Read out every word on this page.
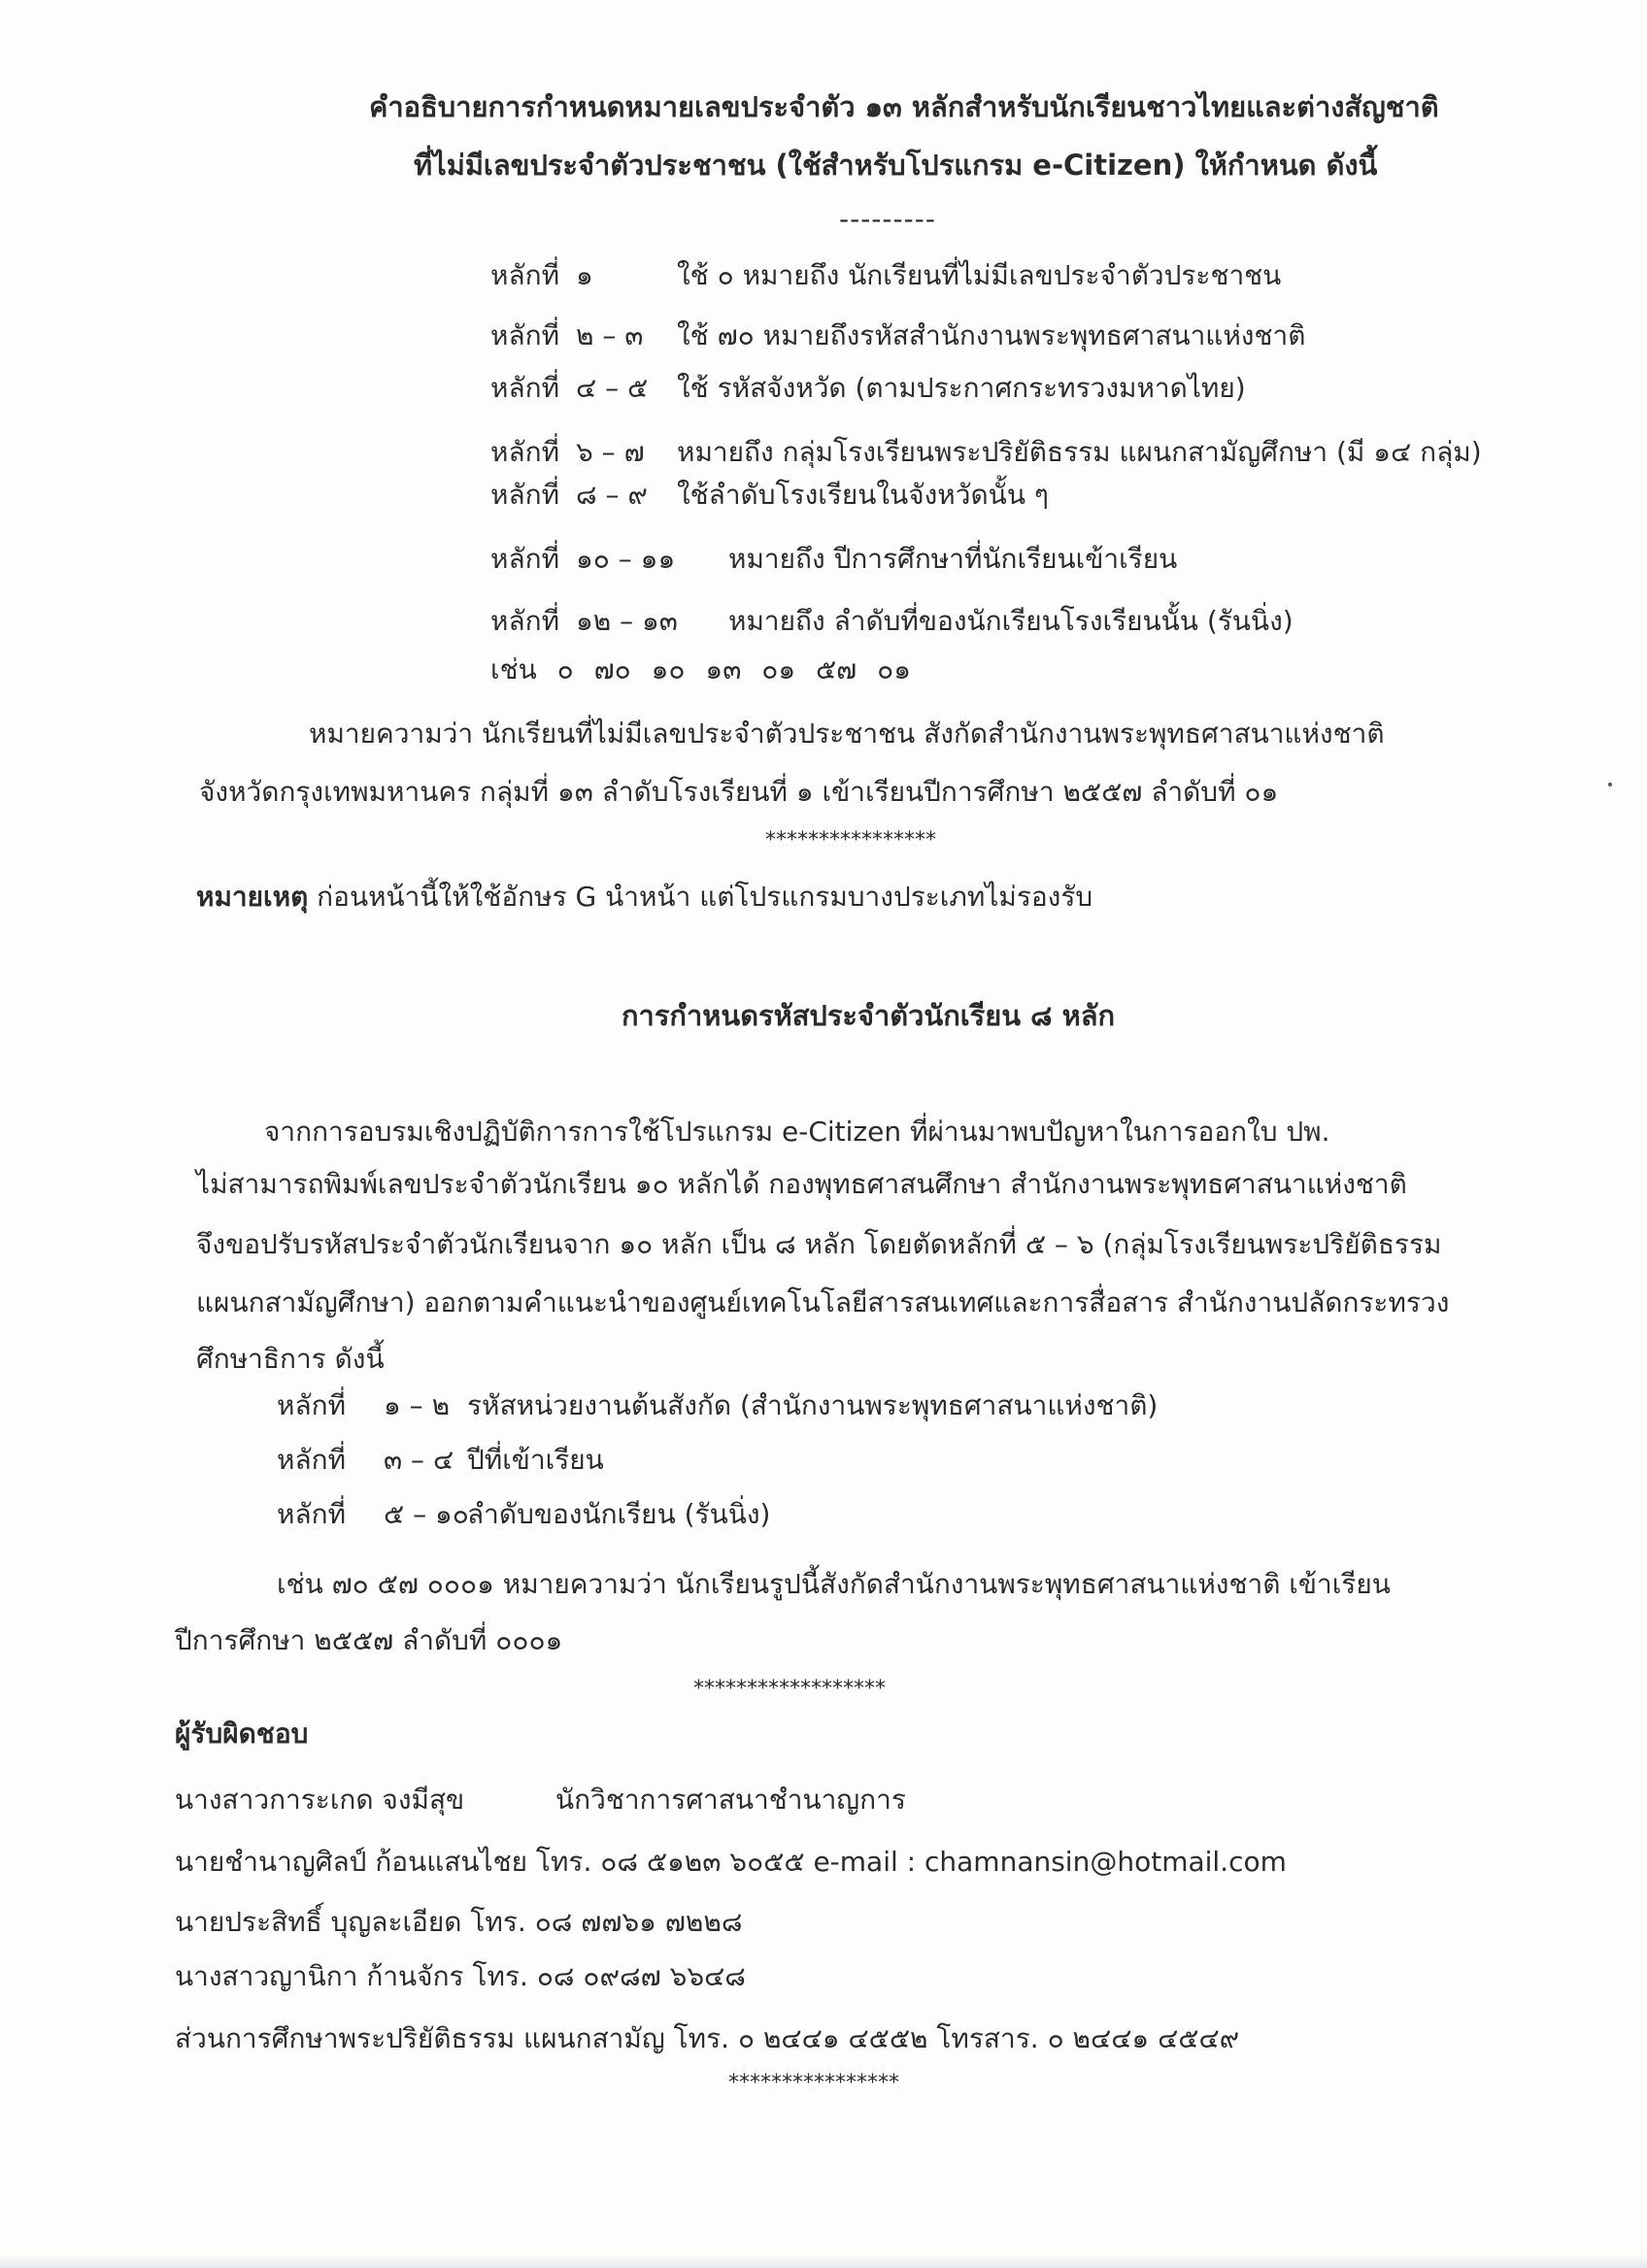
คำอธิบายการกำหนดหมายเลขประจำตัว ๑๓ หลักสำหรับนักเรียนชาวไทยและต่างสัญชาติ
ที่ไม่มีเลขประจำตัวประชาชน (ใช้สำหรับโปรแกรม e-Citizen) ให้กำหนด ดังนี้
---------
หลักที่ ๑	ใช้ ๐ หมายถึง นักเรียนที่ไม่มีเลขประจำตัวประชาชน
หลักที่ ๒ – ๓ ใช้ ๗๐ หมายถึงรหัสสำนักงานพระพุทธศาสนาแห่งชาติ
หลักที่ ๔ – ๕ ใช้ รหัสจังหวัด (ตามประกาศกระทรวงมหาดไทย)
หลักที่ ๖ – ๗ หมายถึง กลุ่มโรงเรียนพระปริยัติธรรม แผนกสามัญศึกษา (มี ๑๔ กลุ่ม)
หลักที่ ๘ – ๙ ใช้ลำดับโรงเรียนในจังหวัดนั้น ๆ
หลักที่ ๑๐ – ๑๑ หมายถึง ปีการศึกษาที่นักเรียนเข้าเรียน
หลักที่ ๑๒ – ๑๓ หมายถึง ลำดับที่ของนักเรียนโรงเรียนนั้น (รันนิ่ง)
เช่น ๐ ๗๐ ๑๐ ๑๓ ๐๑ ๕๗ ๐๑
หมายความว่า นักเรียนที่ไม่มีเลขประจำตัวประชาชน สังกัดสำนักงานพระพุทธศาสนาแห่งชาติ
จังหวัดกรุงเทพมหานคร กลุ่มที่ ๑๓ ลำดับโรงเรียนที่ ๑ เข้าเรียนปีการศึกษา ๒๕๕๗ ลำดับที่ ๐๑
****************
หมายเหตุ ก่อนหน้านี้ให้ใช้อักษร G นำหน้า แต่โปรแกรมบางประเภทไม่รองรับ
การกำหนดรหัสประจำตัวนักเรียน ๘ หลัก
จากการอบรมเชิงปฏิบัติการการใช้โปรแกรม e-Citizen ที่ผ่านมาพบปัญหาในการออกใบ ปพ.
ไม่สามารถพิมพ์เลขประจำตัวนักเรียน ๑๐ หลักได้ กองพุทธศาสนศึกษา สำนักงานพระพุทธศาสนาแห่งชาติ
จึงขอปรับรหัสประจำตัวนักเรียนจาก ๑๐ หลัก เป็น ๘ หลัก โดยตัดหลักที่ ๕ – ๖ (กลุ่มโรงเรียนพระปริยัติธรรม
แผนกสามัญศึกษา) ออกตามคำแนะนำของศูนย์เทคโนโลยีสารสนเทศและการสื่อสาร สำนักงานปลัดกระทรวง
ศึกษาธิการ ดังนี้
หลักที่ ๑ – ๒ รหัสหน่วยงานต้นสังกัด (สำนักงานพระพุทธศาสนาแห่งชาติ)
หลักที่ ๓ – ๔ ปีที่เข้าเรียน
หลักที่ ๕ – ๑๐
ลำดับของนักเรียน (รันนิ่ง)
เช่น ๗๐ ๕๗ ๐๐๐๑ หมายความว่า นักเรียนรูปนี้สังกัดสำนักงานพระพุทธศาสนาแห่งชาติ เข้าเรียน
ปีการศึกษา ๒๕๕๗ ลำดับที่ ๐๐๐๑
******************
ผู้รับผิดชอบ
นางสาวการะเกด จงมีสุข	นักวิชาการศาสนาชำนาญการ
นายชำนาญศิลป์ ก้อนแสนไชย โทร. ๐๘ ๕๑๒๓ ๖๐๕๕ e-mail : chamnansin@hotmail.com
นายประสิทธิ์ บุญละเอียด โทร. ๐๘ ๗๗๖๑ ๗๒๒๘
นางสาวญานิกา ก้านจักร โทร. ๐๘ ๐๙๘๗ ๖๖๔๘
ส่วนการศึกษาพระปริยัติธรรม แผนกสามัญ โทร. ๐ ๒๔๔๑ ๔๕๕๒ โทรสาร. ๐ ๒๔๔๑ ๔๕๔๙
****************
